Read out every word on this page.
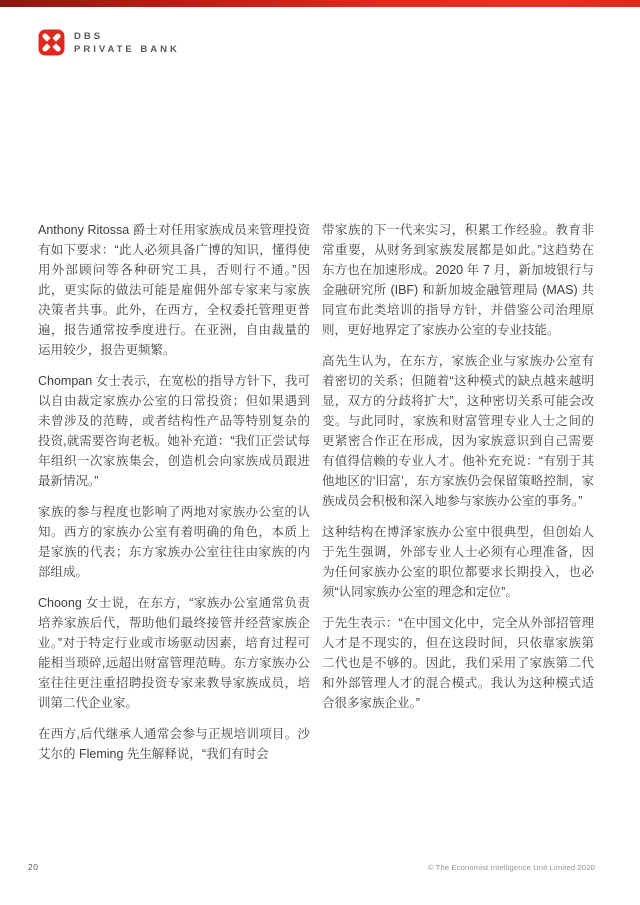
DBS
PRIVATE BANK

Anthony Ritossa 爵士对任用家族成员来管理投资有如下要求：“此人必须具备广博的知识，懂得使用外部顾问等各种研究工具，否则行不通。”因此，更实际的做法可能是雇佣外部专家来与家族决策者共事。此外，在西方，全权委托管理更普遍，报告通常按季度进行。在亚洲，自由裁量的运用较少，报告更频繁。

Chompan 女士表示，在宽松的指导方针下，我可以自由裁定家族办公室的日常投资；但如果遇到未曾涉及的范畴，或者结构性产品等特别复杂的投资,就需要咨询老板。她补充道：“我们正尝试每年组织一次家族集会，创造机会向家族成员跟进最新情况。”

家族的参与程度也影响了两地对家族办公室的认知。西方的家族办公室有着明确的角色，本质上是家族的代表；东方家族办公室往往由家族的内部组成。

Choong 女士说，在东方，“家族办公室通常负责培养家族后代，帮助他们最终接管并经营家族企业。”对于特定行业或市场驱动因素，培育过程可能相当琐碎,远超出财富管理范畴。东方家族办公室往往更注重招聘投资专家来教导家族成员，培训第二代企业家。

在西方,后代继承人通常会参与正规培训项目。沙艾尔的 Fleming 先生解释说，“我们有时会

带家族的下一代来实习，积累工作经验。教育非常重要，从财务到家族发展都是如此。”这趋势在东方也在加速形成。2020 年 7 月，新加坡银行与金融研究所 (IBF) 和新加坡金融管理局 (MAS) 共同宣布此类培训的指导方针，并借鉴公司治理原则，更好地界定了家族办公室的专业技能。

高先生认为，在东方，家族企业与家族办公室有着密切的关系；但随着“这种模式的缺点越来越明显，双方的分歧将扩大”，这种密切关系可能会改变。与此同时，家族和财富管理专业人士之间的更紧密合作正在形成，因为家族意识到自己需要有值得信赖的专业人才。他补充充说：“有别于其他地区的‘旧富’，东方家族仍会保留策略控制，家族成员会积极和深入地参与家族办公室的事务。”

这种结构在博泽家族办公室中很典型，但创始人于先生强调，外部专业人士必须有心理准备，因为任何家族办公室的职位都要求长期投入，也必须“认同家族办公室的理念和定位”。

于先生表示：“在中国文化中，完全从外部招管理人才是不现实的，但在这段时间，只依靠家族第二代也是不够的。因此，我们采用了家族第二代和外部管理人才的混合模式。我认为这种模式适合很多家族企业。”

20	© The Economist Intelligence Unit Limited 2020
